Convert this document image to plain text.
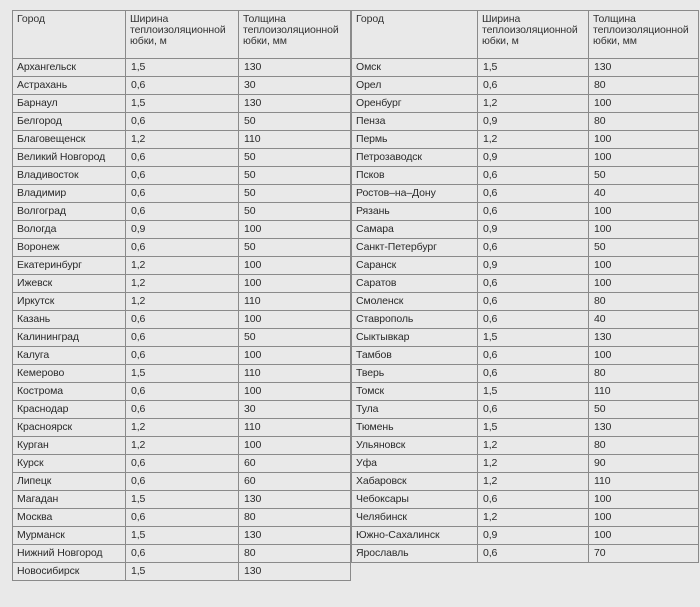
Город	Ширина
теплоизоляционной
юбки, м	Толщина
теплоизоляционной
юбки, мм

Архангельск	1,5	130
Астрахань	0,6	30
Барнаул	1,5	130
Белгород	0,6	50
Благовещенск	1,2	110
Великий Новгород	0,6	50
Владивосток	0,6	50
Владимир	0,6	50
Волгоград	0,6	50
Вологда	0,9	100
Воронеж	0,6	50
Екатеринбург	1,2	100
Ижевск	1,2	100
Иркутск	1,2	110
Казань	0,6	100
Калининград	0,6	50
Калуга	0,6	100
Кемерово	1,5	110
Кострома	0,6	100
Краснодар	0,6	30
Красноярск	1,2	110
Курган	1,2	100
Курск	0,6	60
Липецк	0,6	60
Магадан	1,5	130
Москва	0,6	80
Мурманск	1,5	130
Нижний Новгород	0,6	80
Новосибирск	1,5	130
Город	Ширина
теплоизоляционной
юбки, м	Толщина
теплоизоляционной
юбки, мм

Омск	1,5	130
Орел	0,6	80
Оренбург	1,2	100
Пенза	0,9	80
Пермь	1,2	100
Петрозаводск	0,9	100
Псков	0,6	50
Ростов–на–Дону	0,6	40
Рязань	0,6	100
Самара	0,9	100
Санкт-Петербург	0,6	50
Саранск	0,9	100
Саратов	0,6	100
Смоленск	0,6	80
Ставрополь	0,6	40
Сыктывкар	1,5	130
Тамбов	0,6	100
Тверь	0,6	80
Томск	1,5	110
Тула	0,6	50
Тюмень	1,5	130
Ульяновск	1,2	80
Уфа	1,2	90
Хабаровск	1,2	110
Чебоксары	0,6	100
Челябинск	1,2	100
Южно-Сахалинск	0,9	100
Ярославль	0,6	70
